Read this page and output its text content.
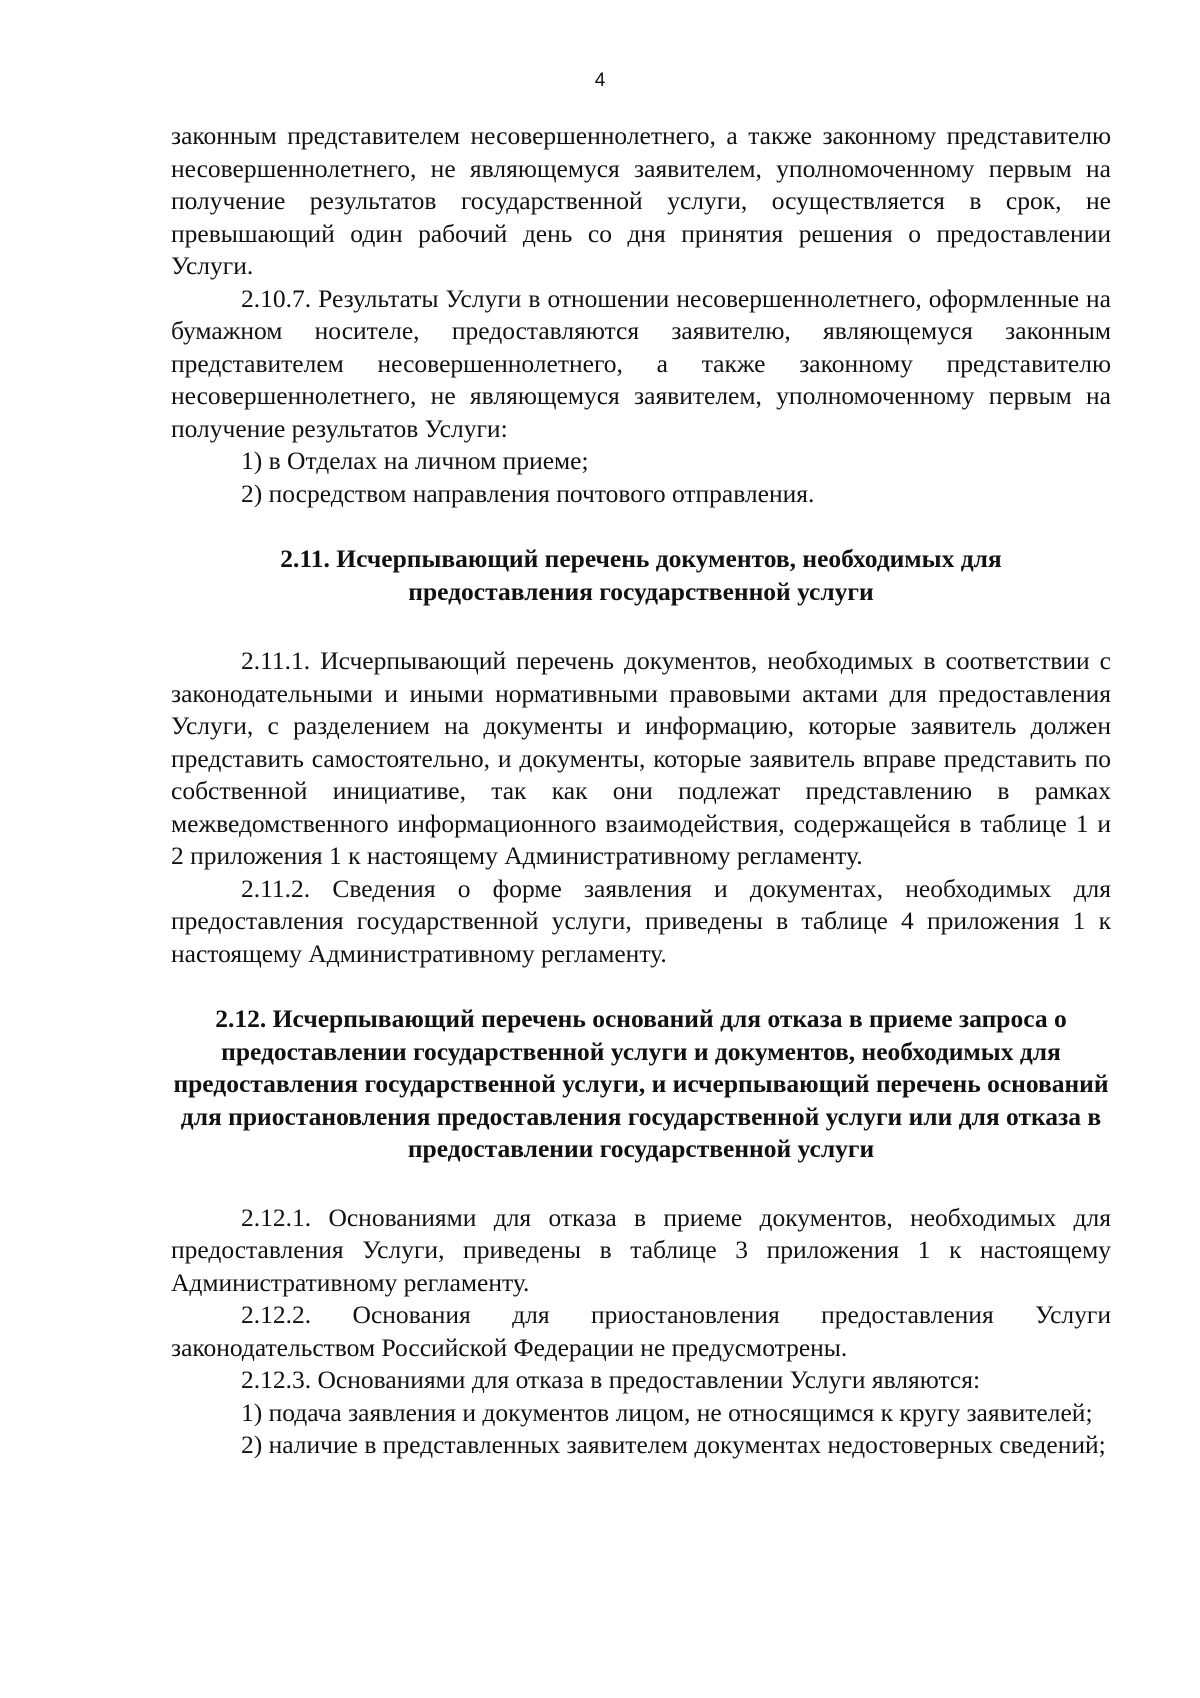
4

законным представителем несовершеннолетнего, а также законному представителю несовершеннолетнего, не являющемуся заявителем, уполномоченному первым на получение результатов государственной услуги, осуществляется в срок, не превышающий один рабочий день со дня принятия решения о предоставлении Услуги.

2.10.7. Результаты Услуги в отношении несовершеннолетнего, оформленные на бумажном носителе, предоставляются заявителю, являющемуся законным представителем несовершеннолетнего, а также законному представителю несовершеннолетнего, не являющемуся заявителем, уполномоченному первым на получение результатов Услуги:

1) в Отделах на личном приеме;

2) посредством направления почтового отправления.

2.11. Исчерпывающий перечень документов, необходимых для предоставления государственной услуги

2.11.1. Исчерпывающий перечень документов, необходимых в соответствии с законодательными и иными нормативными правовыми актами для предоставления Услуги, с разделением на документы и информацию, которые заявитель должен представить самостоятельно, и документы, которые заявитель вправе представить по собственной инициативе, так как они подлежат представлению в рамках межведомственного информационного взаимодействия, содержащейся в таблице 1 и 2 приложения 1 к настоящему Административному регламенту.

2.11.2. Сведения о форме заявления и документах, необходимых для предоставления государственной услуги, приведены в таблице 4 приложения 1 к настоящему Административному регламенту.

2.12. Исчерпывающий перечень оснований для отказа в приеме запроса о предоставлении государственной услуги и документов, необходимых для предоставления государственной услуги, и исчерпывающий перечень оснований для приостановления предоставления государственной услуги или для отказа в предоставлении государственной услуги

2.12.1. Основаниями для отказа в приеме документов, необходимых для предоставления Услуги, приведены в таблице 3 приложения 1 к настоящему Административному регламенту.

2.12.2. Основания для приостановления предоставления Услуги законодательством Российской Федерации не предусмотрены.

2.12.3. Основаниями для отказа в предоставлении Услуги являются:

1) подача заявления и документов лицом, не относящимся к кругу заявителей;

2) наличие в представленных заявителем документах недостоверных сведений;
